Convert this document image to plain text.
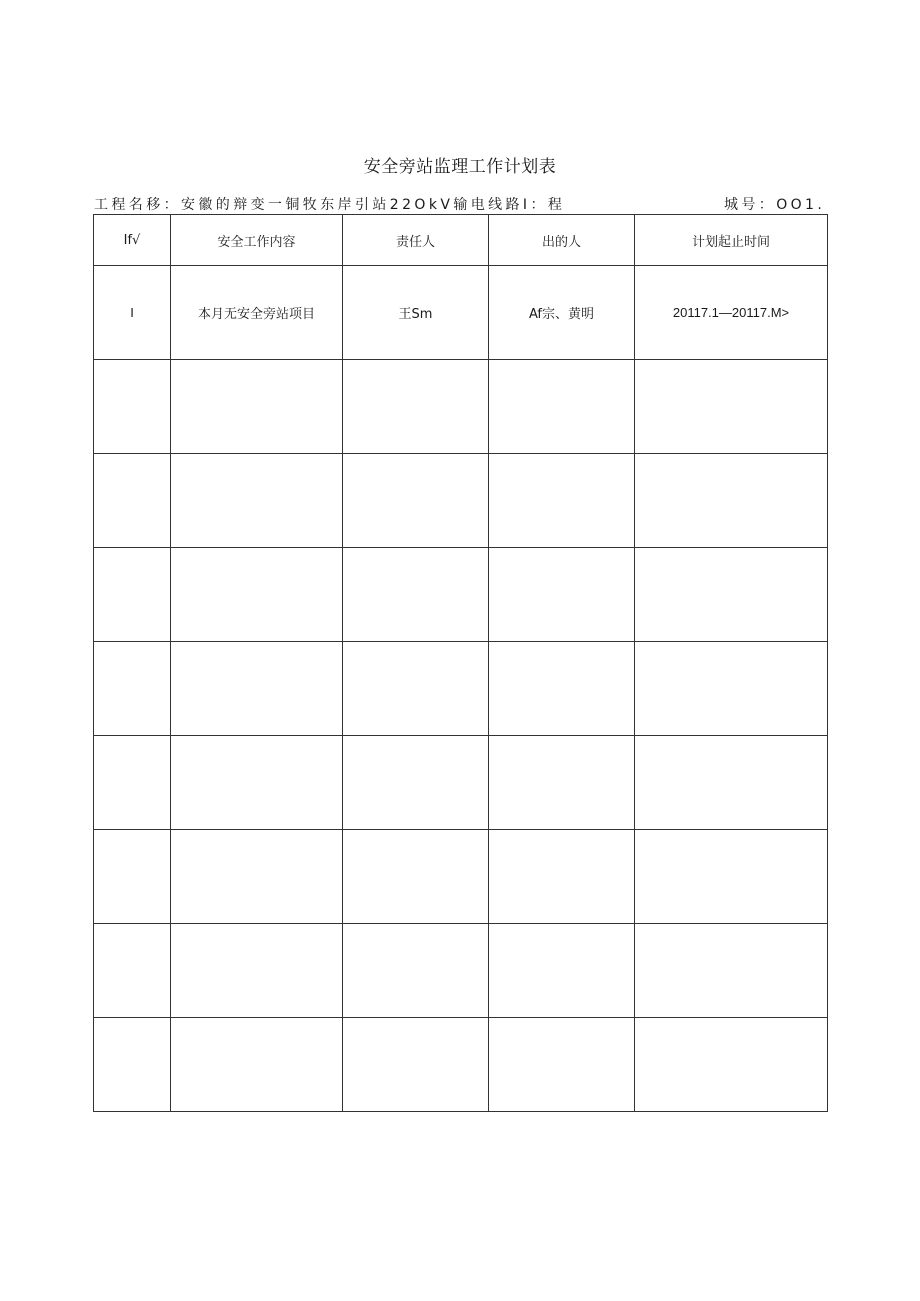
安全旁站监理工作计划表
工程名移：安徽的辩变一铜牧东岸引站22OkV输电线路I：程	城号：OO1.
If√	安全工作内容	责任人	出的人	计划起止时间
I	本月无安全旁站项目	王Sm	Af宗、黄明	20117.1—20117.M>
